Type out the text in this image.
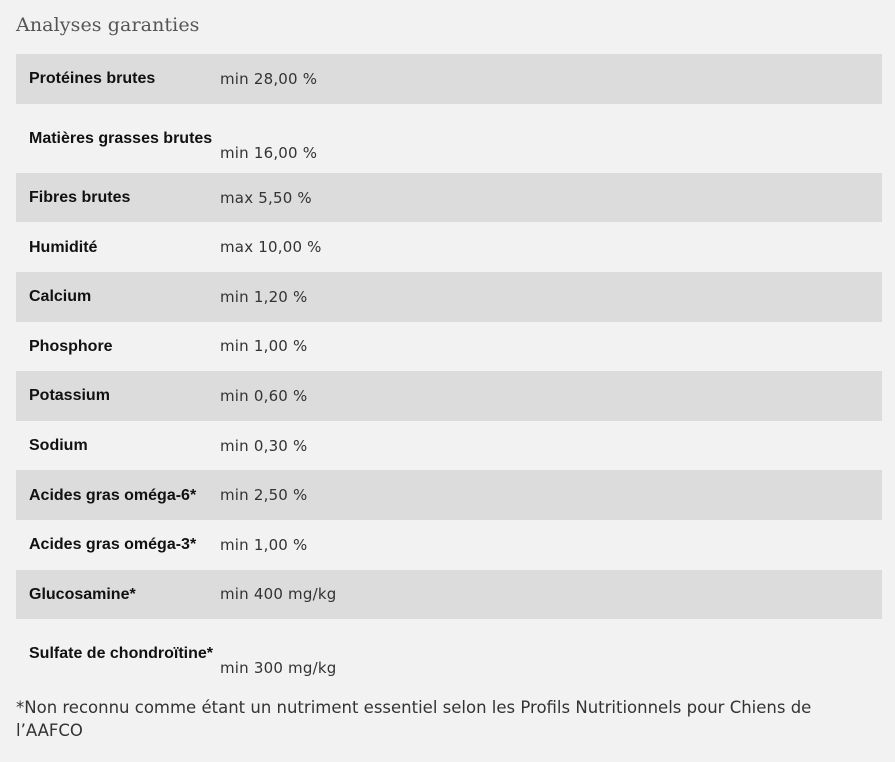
Analyses garanties
Protéines brutes	min 28,00 %
Matières grasses brutes	min 16,00 %
Fibres brutes	max 5,50 %
Humidité	max 10,00 %
Calcium	min 1,20 %
Phosphore	min 1,00 %
Potassium	min 0,60 %
Sodium	min 0,30 %
Acides gras oméga-6*	min 2,50 %
Acides gras oméga-3*	min 1,00 %
Glucosamine*	min 400 mg/kg
Sulfate de chondroïtine*	min 300 mg/kg
*Non reconnu comme étant un nutriment essentiel selon les Profils Nutritionnels pour Chiens de l’AAFCO
